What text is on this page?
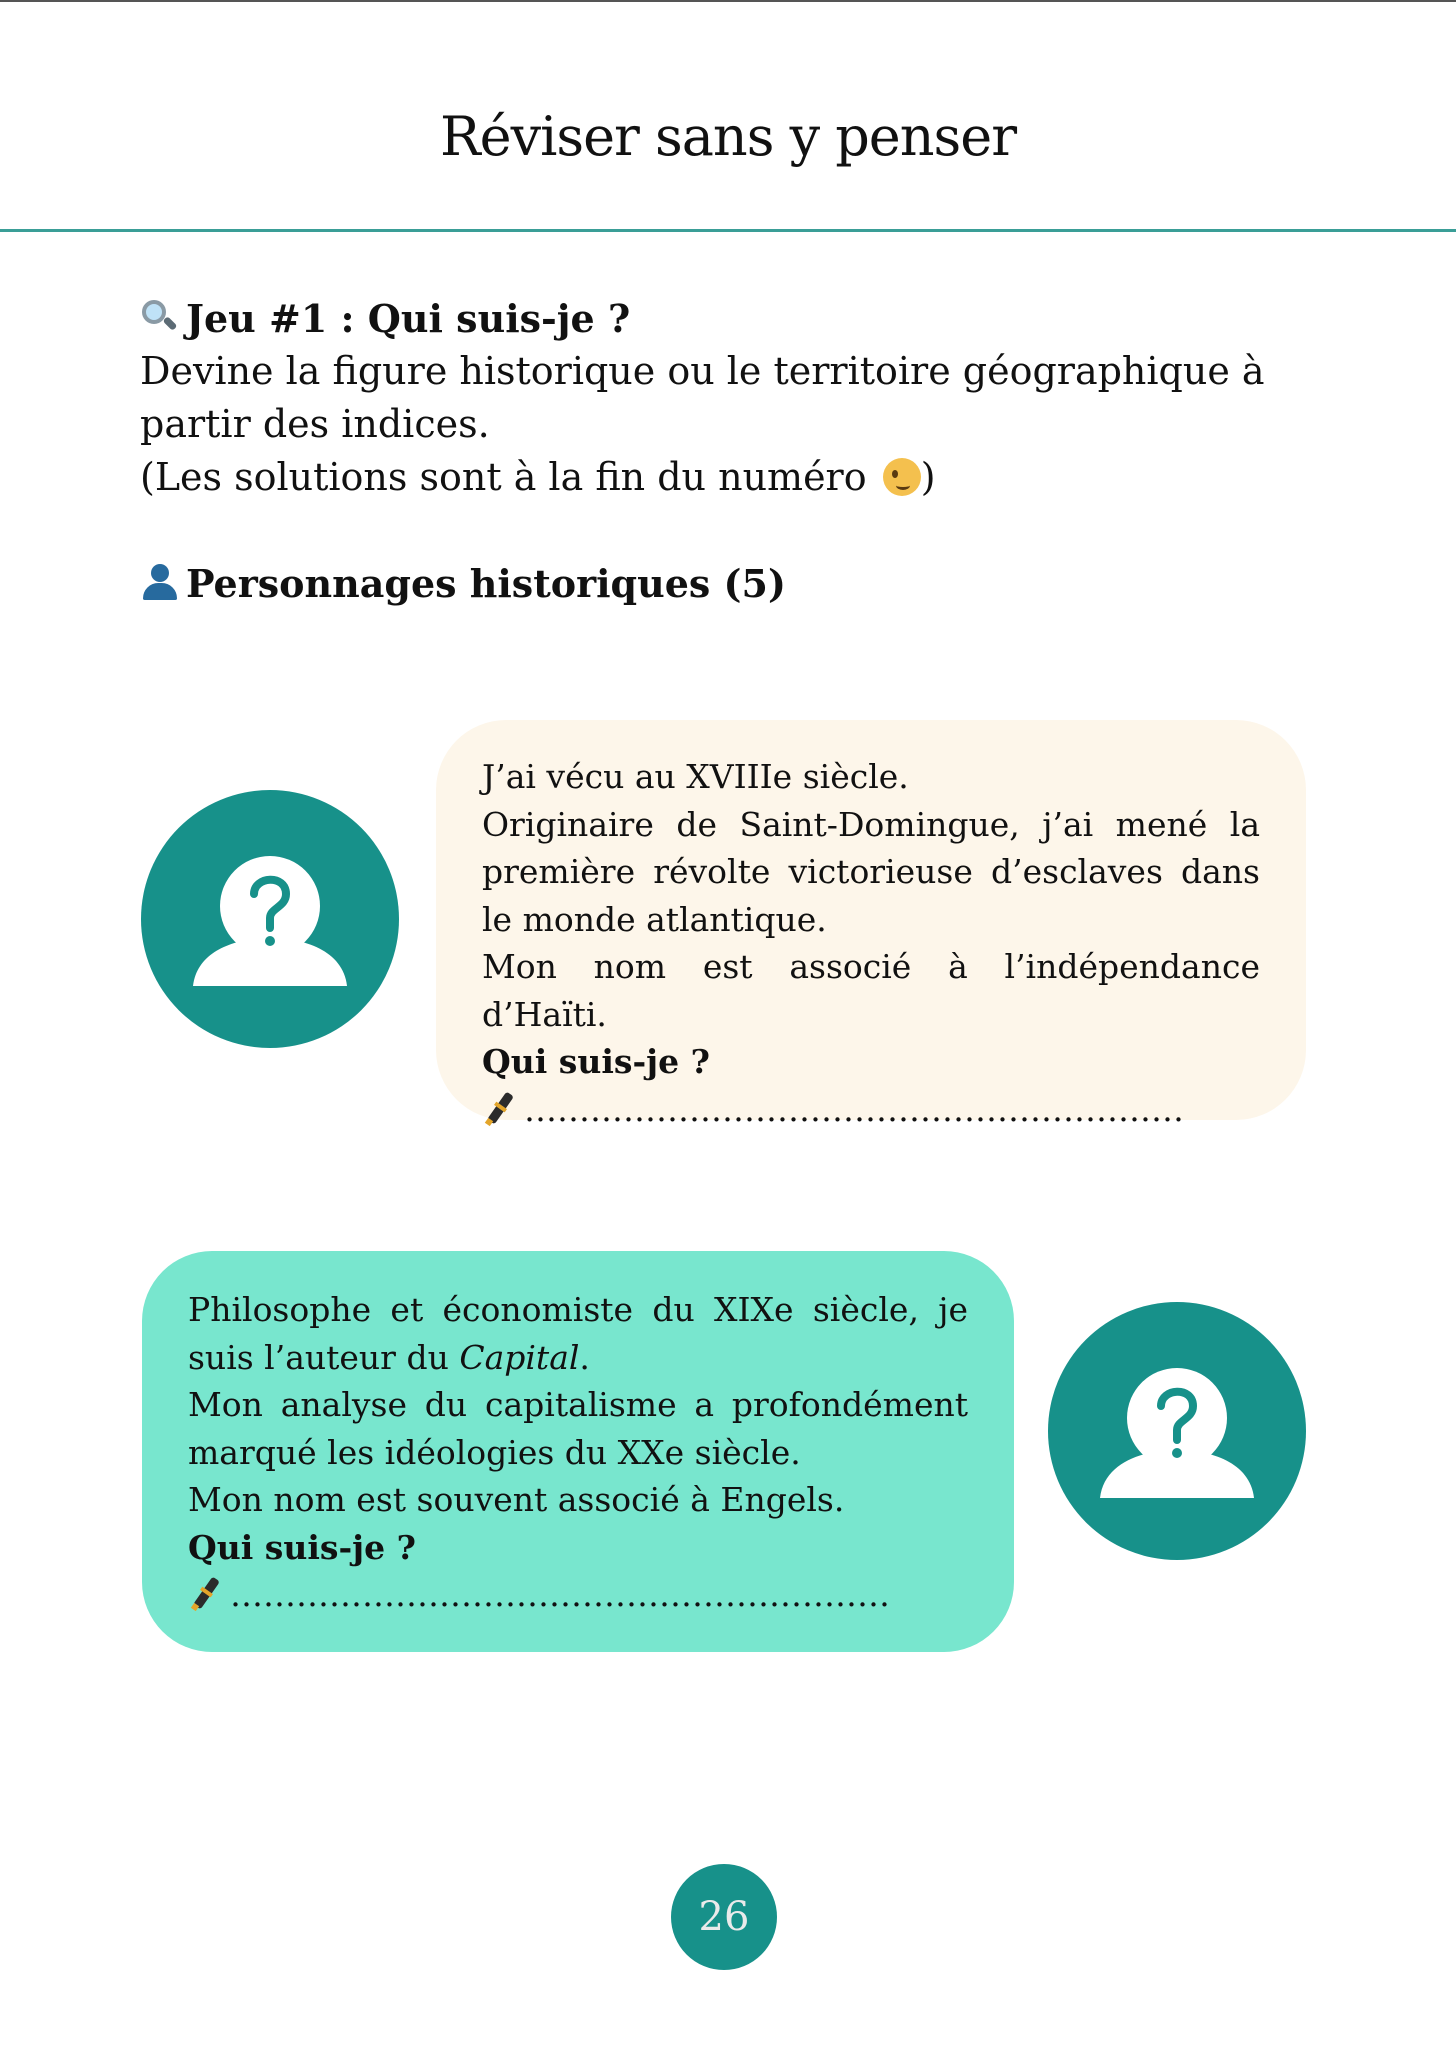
Réviser sans y penser
Jeu #1 : Qui suis-je ?
Devine la figure historique ou le territoire géographique à partir des indices.
(Les solutions sont à la fin du numéro )
Personnages historiques (5)
J’ai vécu au XVIIIe siècle.
Originaire de Saint-Domingue, j’ai mené la première révolte victorieuse d’esclaves dans le monde atlantique.
Mon nom est associé à l’indépendance d’Haïti.
Qui suis-je ?
……………………………………………………
Philosophe et économiste du XIXe siècle, je suis l’auteur du Capital.
Mon analyse du capitalisme a profondément marqué les idéologies du XXe siècle.
Mon nom est souvent associé à Engels.
Qui suis-je ?
……………………………………………………
26
